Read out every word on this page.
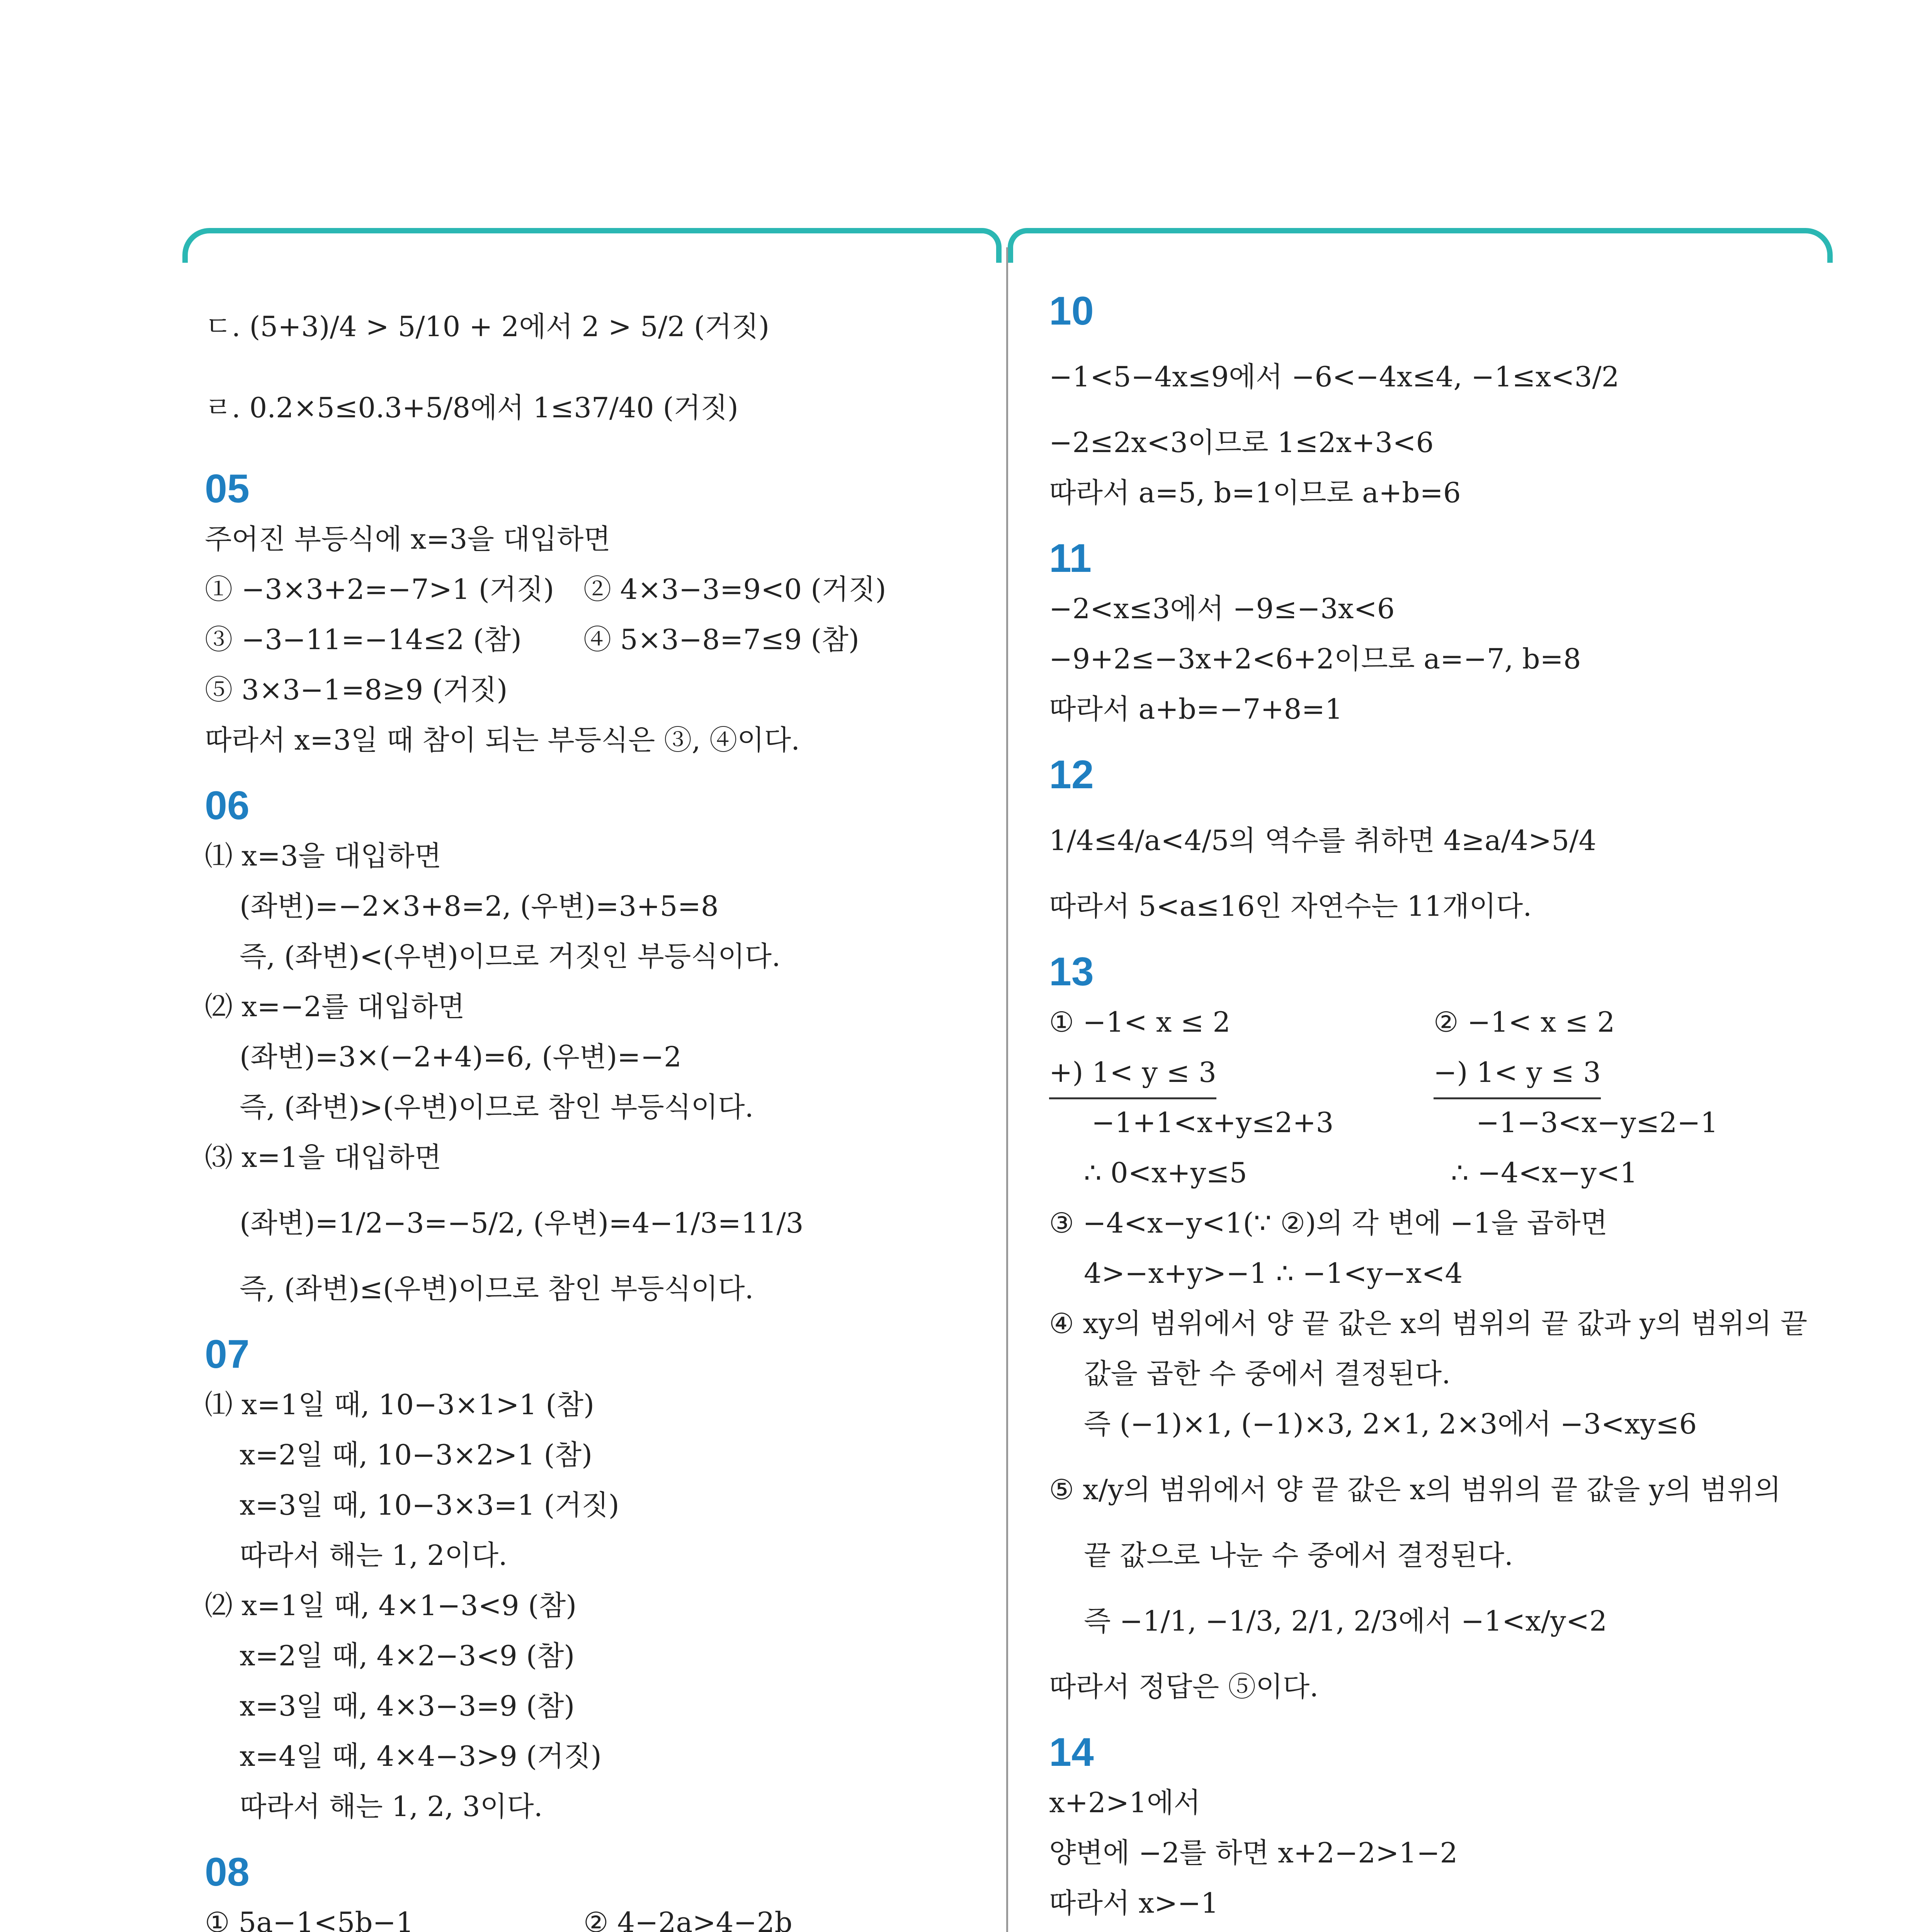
ㄷ. (5+3)/4 > 5/10 + 2에서 2 > 5/2 (거짓)
ㄹ. 0.2×5≤0.3+5/8에서 1≤37/40 (거짓)
05
주어진 부등식에 x=3을 대입하면
① −3×3+2=−7>1 (거짓)	② 4×3−3=9<0 (거짓)
③ −3−11=−14≤2 (참)	④ 5×3−8=7≤9 (참)
⑤ 3×3−1=8≥9 (거짓)
따라서 x=3일 때 참이 되는 부등식은 ③, ④이다.
06
⑴ x=3을 대입하면
(좌변)=−2×3+8=2, (우변)=3+5=8
즉, (좌변)<(우변)이므로 거짓인 부등식이다.
⑵ x=−2를 대입하면
(좌변)=3×(−2+4)=6, (우변)=−2
즉, (좌변)>(우변)이므로 참인 부등식이다.
⑶ x=1을 대입하면
(좌변)=1/2−3=−5/2, (우변)=4−1/3=11/3
즉, (좌변)≤(우변)이므로 참인 부등식이다.
07
⑴ x=1일 때, 10−3×1>1 (참)
x=2일 때, 10−3×2>1 (참)
x=3일 때, 10−3×3=1 (거짓)
따라서 해는 1, 2이다.
⑵ x=1일 때, 4×1−3<9 (참)
x=2일 때, 4×2−3<9 (참)
x=3일 때, 4×3−3=9 (참)
x=4일 때, 4×4−3>9 (거짓)
따라서 해는 1, 2, 3이다.
08
① 5a−1<5b−1	② 4−2a>4−2b
10
−1<5−4x≤9에서 −6<−4x≤4, −1≤x<3/2
−2≤2x<3이므로 1≤2x+3<6
따라서 a=5, b=1이므로 a+b=6
11
−2<x≤3에서 −9≤−3x<6
−9+2≤−3x+2<6+2이므로 a=−7, b=8
따라서 a+b=−7+8=1
12
1/4≤4/a<4/5의 역수를 취하면 4≥a/4>5/4
따라서 5<a≤16인 자연수는 11개이다.
13
① −1< x ≤ 2	② −1< x ≤ 2
+) 1< y ≤ 3	−) 1< y ≤ 3
−1+1<x+y≤2+3	−1−3<x−y≤2−1
∴ 0<x+y≤5	∴ −4<x−y<1
③ −4<x−y<1(∵ ②)의 각 변에 −1을 곱하면
4>−x+y>−1 ∴ −1<y−x<4
④ xy의 범위에서 양 끝 값은 x의 범위의 끝 값과 y의 범위의 끝
값을 곱한 수 중에서 결정된다.
즉 (−1)×1, (−1)×3, 2×1, 2×3에서 −3<xy≤6
⑤ x/y의 범위에서 양 끝 값은 x의 범위의 끝 값을 y의 범위의
끝 값으로 나눈 수 중에서 결정된다.
즉 −1/1, −1/3, 2/1, 2/3에서 −1<x/y<2
따라서 정답은 ⑤이다.
14
x+2>1에서
양변에 −2를 하면 x+2−2>1−2
따라서 x>−1
